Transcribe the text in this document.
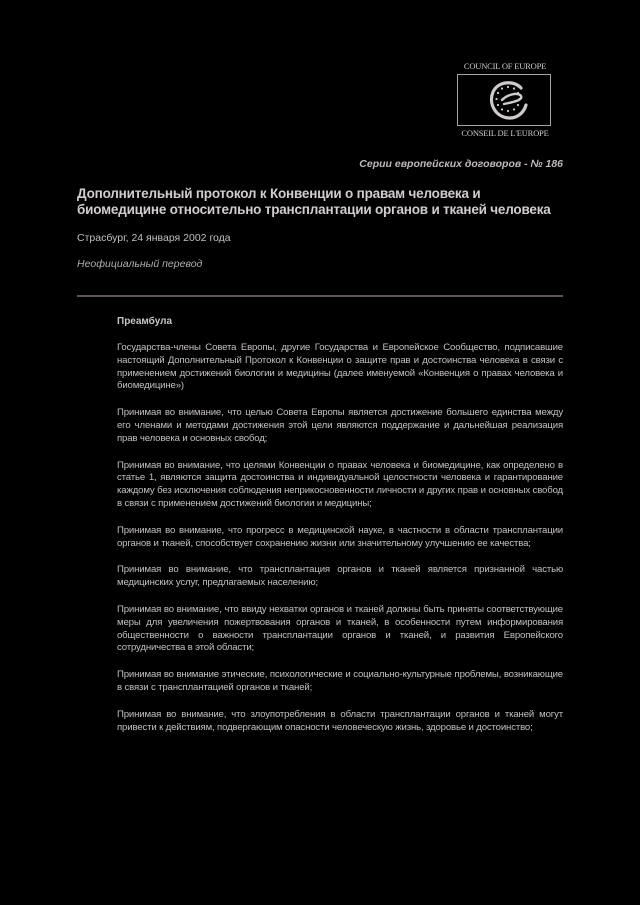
COUNCIL OF EUROPE
CONSEIL DE L'EUROPE
Серии европейских договоров - № 186
Дополнительный протокол к Конвенции о правам человека и биомедицине относительно трансплантации органов и тканей человека
Страсбург, 24 января 2002 года
Неофициальный перевод
Преамбула

Государства-члены Совета Европы, другие Государства и Европейское Сообщество, подписавшие настоящий Дополнительный Протокол к Конвенции о защите прав и достоинства человека в связи с применением достижений биологии и медицины (далее именуемой «Конвенция о правах человека и биомедицине»)

Принимая во внимание, что целью Совета Европы является достижение большего единства между его членами и методами достижения этой цели являются поддержание и дальнейшая реализация прав человека и основных свобод;

Принимая во внимание, что целями Конвенции о правах человека и биомедицине, как определено в статье 1, являются защита достоинства и индивидуальной целостности человека и гарантирование каждому без исключения соблюдения неприкосновенности личности и других прав и основных свобод в связи с применением достижений биологии и медицины;

Принимая во внимание, что прогресс в медицинской науке, в частности в области трансплантации органов и тканей, способствует сохранению жизни или значительному улучшению ее качества;

Принимая во внимание, что трансплантация органов и тканей является признанной частью медицинских услуг, предлагаемых населению;

Принимая во внимание, что ввиду нехватки органов и тканей должны быть приняты соответствующие меры для увеличения пожертвования органов и тканей, в особенности путем информирования общественности о важности трансплантации органов и тканей, и развития Европейского сотрудничества в этой области;

Принимая во внимание этические, психологические и социально-культурные проблемы, возникающие в связи с трансплантацией органов и тканей;

Принимая во внимание, что злоупотребления в области трансплантации органов и тканей могут привести к действиям, подвергающим опасности человеческую жизнь, здоровье и достоинство;
